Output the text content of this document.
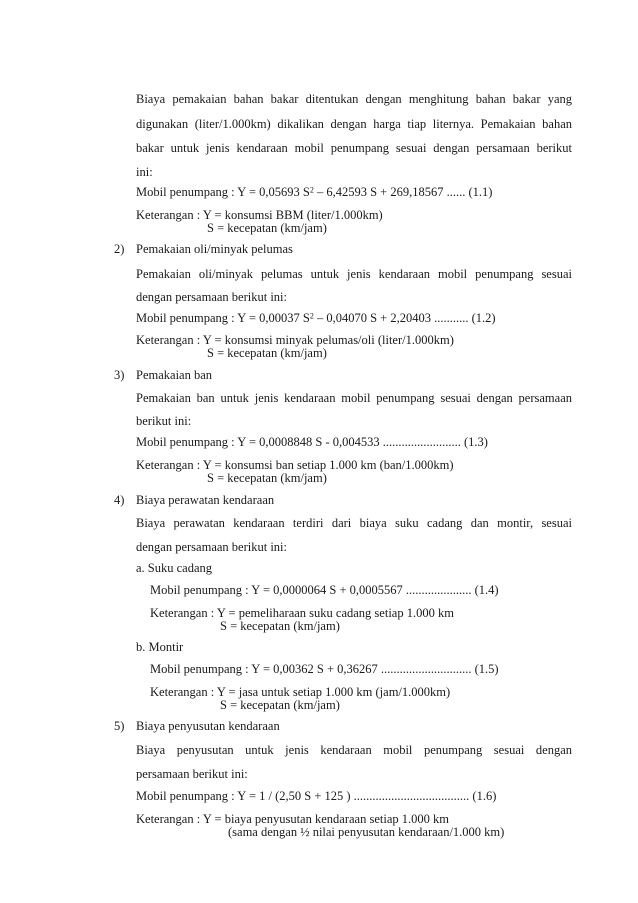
Biaya pemakaian bahan bakar ditentukan dengan menghitung bahan bakar yang
digunakan (liter/1.000km) dikalikan dengan harga tiap liternya. Pemakaian bahan
bakar untuk jenis kendaraan mobil penumpang sesuai dengan persamaan berikut
ini:
Mobil penumpang : Y = 0,05693 $S^2 - 6,42593$ S + 269,18567 ...... (1.1)
Keterangan : Y = konsumsi BBM (liter/1.000km)
S = kecepatan (km/jam)
2) Pemakaian oli/minyak pelumas
Pemakaian oli/minyak pelumas untuk jenis kendaraan mobil penumpang sesuai
dengan persamaan berikut ini:
Mobil penumpang : Y = 0,00037 $S^2 - 0,04070$ S + 2,20403 ........... (1.2)
Keterangan : Y = konsumsi minyak pelumas/oli (liter/1.000km)
S = kecepatan (km/jam)
3) Pemakaian ban
Pemakaian ban untuk jenis kendaraan mobil penumpang sesuai dengan persamaan
berikut ini:
Mobil penumpang : Y = 0,0008848 S - 0,004533 ......................... (1.3)
Keterangan : Y = konsumsi ban setiap 1.000 km (ban/1.000km)
S = kecepatan (km/jam)
4) Biaya perawatan kendaraan
Biaya perawatan kendaraan terdiri dari biaya suku cadang dan montir, sesuai
dengan persamaan berikut ini:
a. Suku cadang
Mobil penumpang : Y = 0,0000064 S + 0,0005567 ..................... (1.4)
Keterangan : Y = pemeliharaan suku cadang setiap 1.000 km
S = kecepatan (km/jam)
b. Montir
Mobil penumpang : Y = 0,00362 S + 0,36267 ............................. (1.5)
Keterangan : Y = jasa untuk setiap 1.000 km (jam/1.000km)
S = kecepatan (km/jam)
5) Biaya penyusutan kendaraan
Biaya penyusutan untuk jenis kendaraan mobil penumpang sesuai dengan
persamaan berikut ini:
Mobil penumpang : Y = 1 / (2,50 S + 125 ) ..................................... (1.6)
Keterangan : Y = biaya penyusutan kendaraan setiap 1.000 km
(sama dengan ½ nilai penyusutan kendaraan/1.000 km)
